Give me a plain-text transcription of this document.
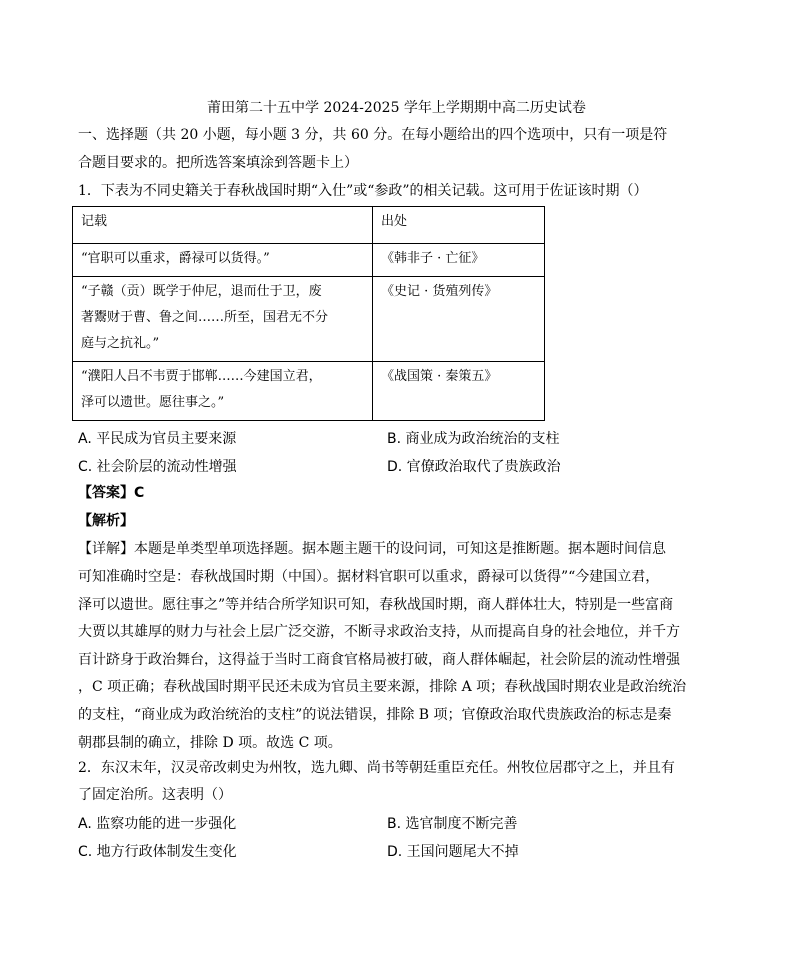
莆田第二十五中学 2024-2025 学年上学期期中高二历史试卷
一、选择题（共 20 小题，每小题 3 分，共 60 分。在每小题给出的四个选项中，只有一项是符
合题目要求的。把所选答案填涂到答题卡上）
1．下表为不同史籍关于春秋战国时期“入仕”或“参政”的相关记载。这可用于佐证该时期（）
记载	出处

“官职可以重求，爵禄可以货得。”	《韩非子 · 亡征》

“子赣（贡）既学于仲尼，退而仕于卫，废
著鬻财于曹、鲁之间……所至，国君无不分
庭与之抗礼。”	《史记 · 货殖列传》

“濮阳人吕不韦贾于邯郸……今建国立君，
泽可以遗世。愿往事之。”	《战国策 · 秦策五》
A. 平民成为官员主要来源	B. 商业成为政治统治的支柱
C. 社会阶层的流动性增强	D. 官僚政治取代了贵族政治
【答案】C
【解析】
【详解】本题是单类型单项选择题。据本题主题干的设问词，可知这是推断题。据本题时间信息
可知准确时空是：春秋战国时期（中国）。据材料官职可以重求，爵禄可以货得”“今建国立君，
泽可以遗世。愿往事之”等并结合所学知识可知，春秋战国时期，商人群体壮大，特别是一些富商
大贾以其雄厚的财力与社会上层广泛交游，不断寻求政治支持，从而提高自身的社会地位，并千方
百计跻身于政治舞台，这得益于当时工商食官格局被打破，商人群体崛起，社会阶层的流动性增强
，C 项正确；春秋战国时期平民还未成为官员主要来源，排除 A 项；春秋战国时期农业是政治统治
的支柱，“商业成为政治统治的支柱”的说法错误，排除 B 项；官僚政治取代贵族政治的标志是秦
朝郡县制的确立，排除 D 项。故选 C 项。
2．东汉末年，汉灵帝改刺史为州牧，选九卿、尚书等朝廷重臣充任。州牧位居郡守之上，并且有
了固定治所。这表明（）
A. 监察功能的进一步强化	B. 选官制度不断完善
C. 地方行政体制发生变化	D. 王国问题尾大不掉
